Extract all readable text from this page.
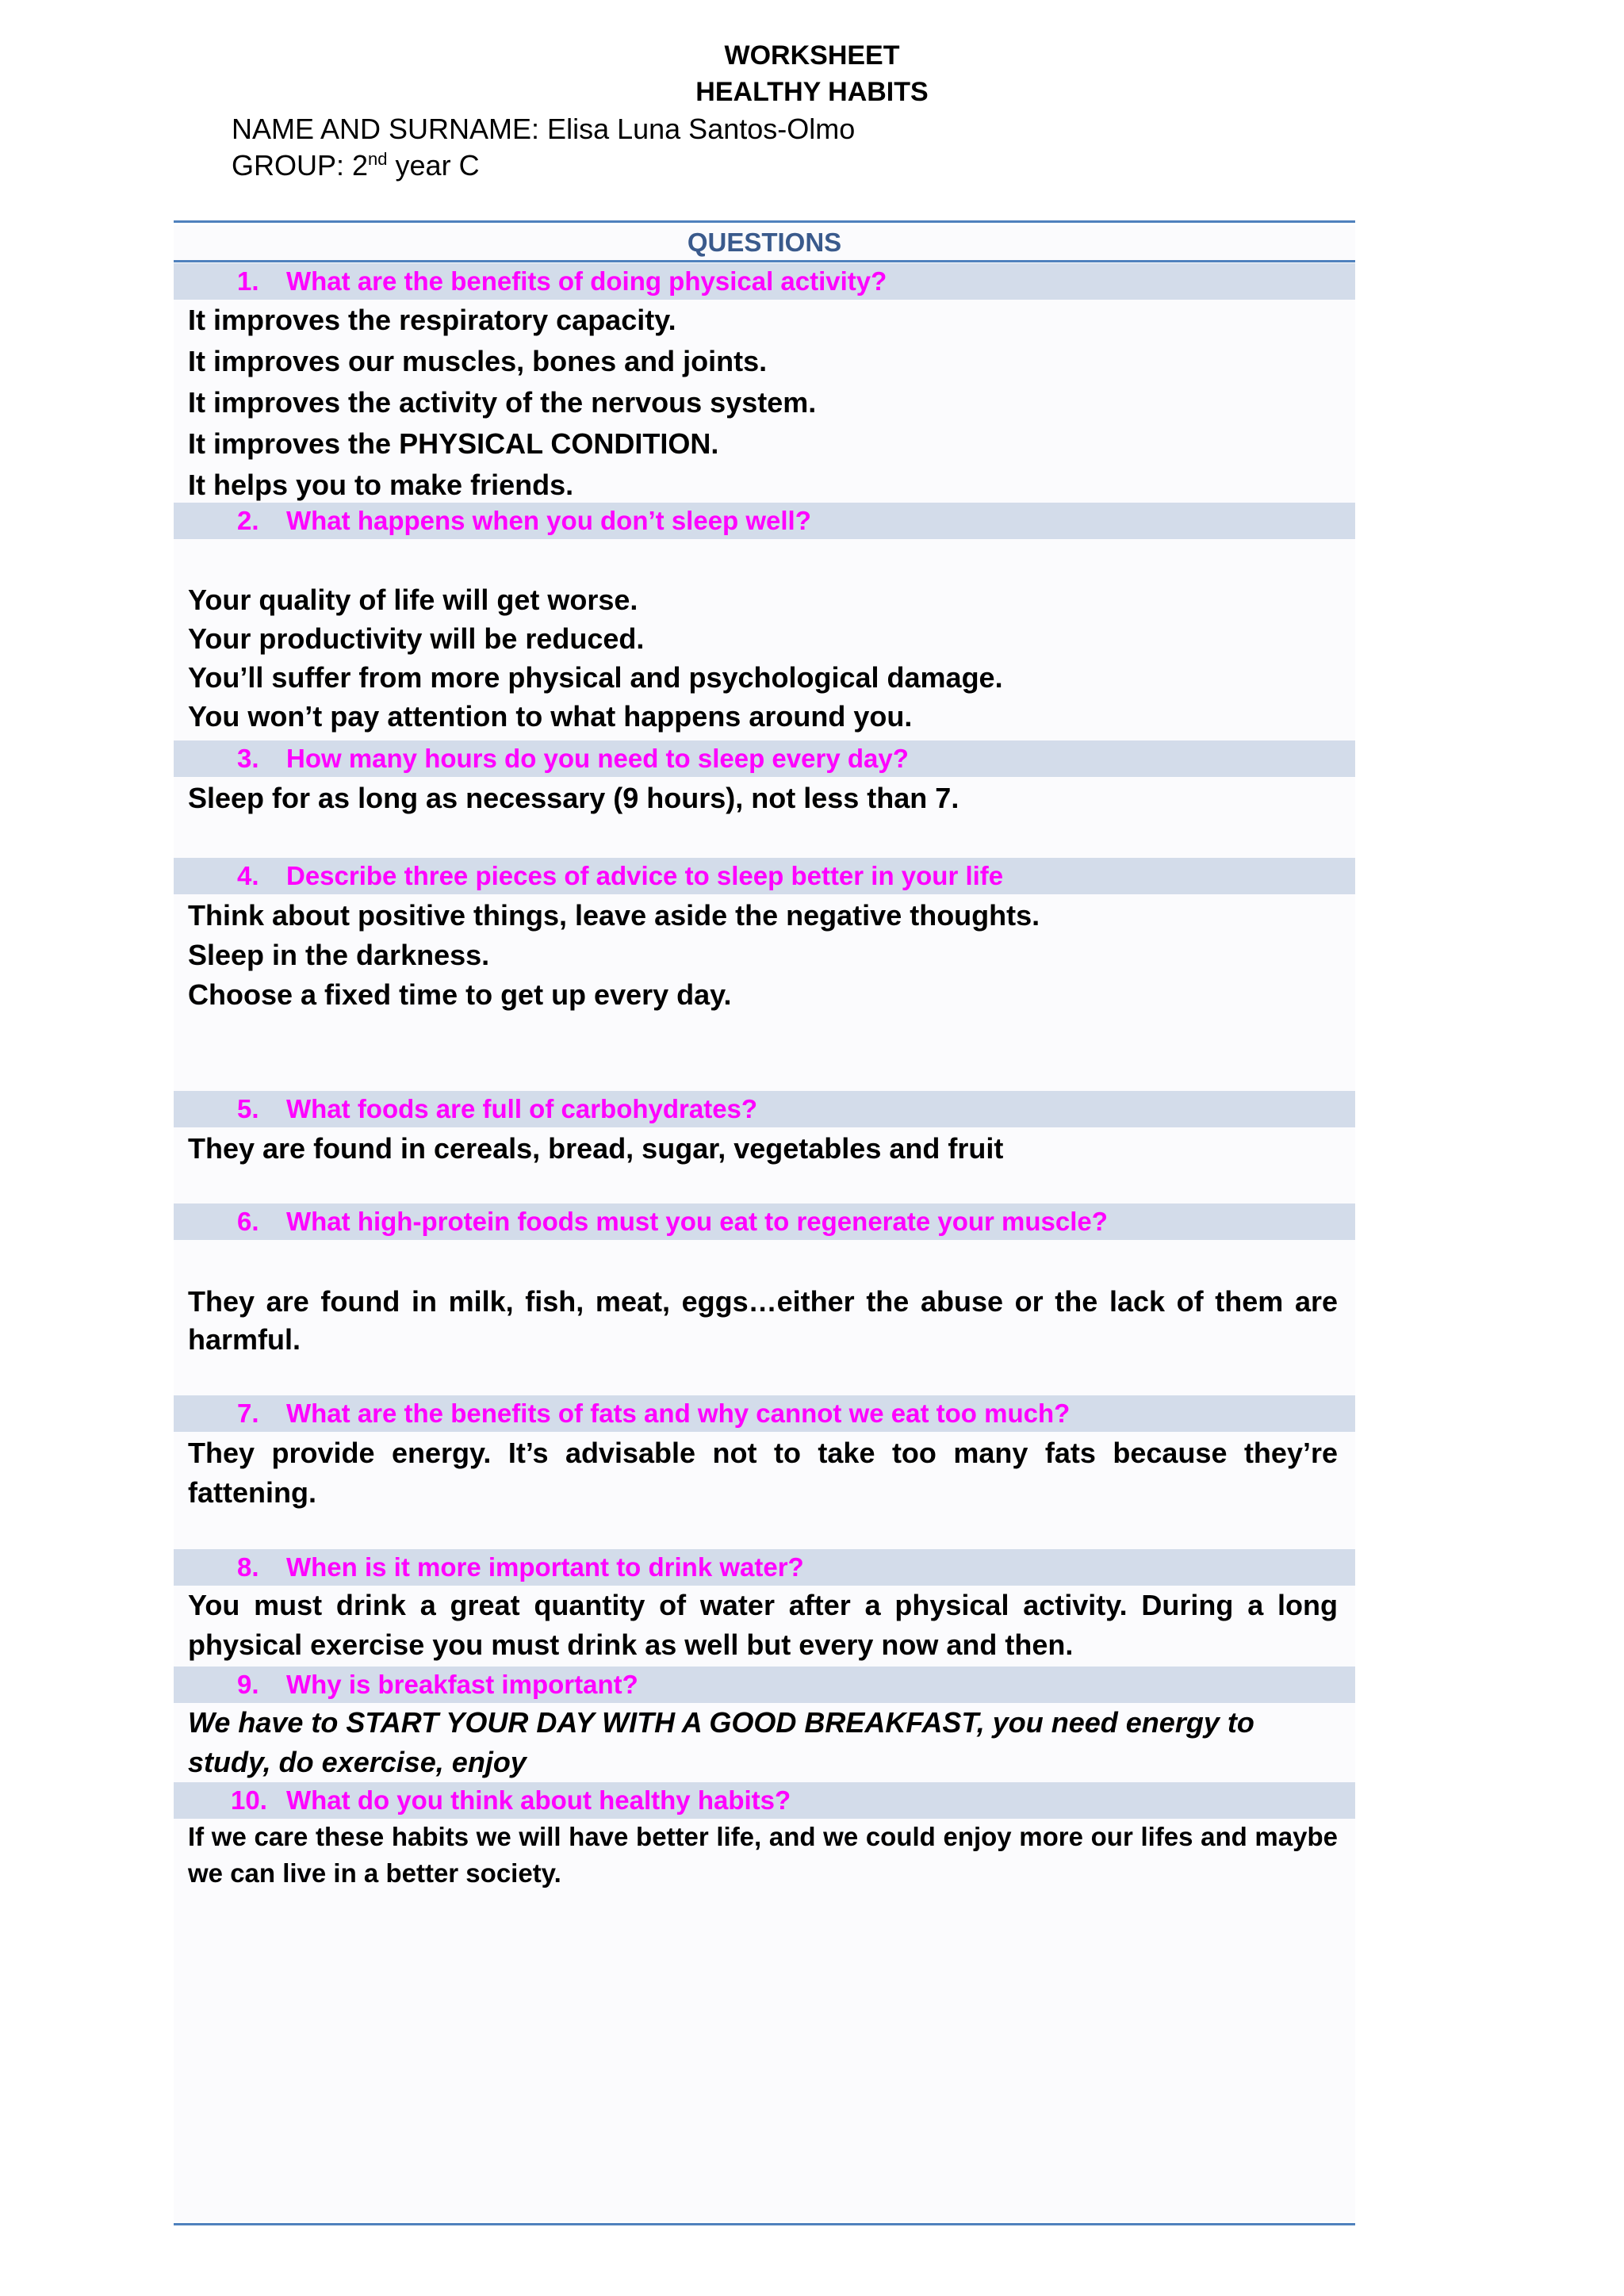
WORKSHEET
HEALTHY HABITS
NAME AND SURNAME: Elisa Luna Santos-Olmo
GROUP: 2nd year C
QUESTIONS
1.	What are the benefits of doing physical activity?
It improves the respiratory capacity.
It improves our muscles, bones and joints.
It improves the activity of the nervous system.
It improves the PHYSICAL CONDITION.
It helps you to make friends.
2.	What happens when you don’t sleep well?
Your quality of life will get worse.
Your productivity will be reduced.
You’ll suffer from more physical and psychological damage.
You won’t pay attention to what happens around you.
3.	How many hours do you need to sleep every day?
Sleep for as long as necessary (9 hours), not less than 7.
4.	Describe three pieces of advice to sleep better in your life
Think about positive things, leave aside the negative thoughts.
Sleep in the darkness.
Choose a fixed time to get up every day.
5.	What foods are full of carbohydrates?
They are found in cereals, bread, sugar, vegetables and fruit
6.	What high-protein foods must you eat to regenerate your muscle?
They are found in milk, fish, meat, eggs…either the abuse or the lack of them are harmful.
7.	What are the benefits of fats and why cannot we eat too much?
They provide energy. It’s advisable not to take too many fats because they’re fattening.
8.	When is it more important to drink water?
You must drink a great quantity of water after a physical activity. During a long physical exercise you must drink as well but every now and then.
9.	Why is breakfast important?
We have to START YOUR DAY WITH A GOOD BREAKFAST, you need energy to study, do exercise, enjoy
10. What do you think about healthy habits?
If we care these habits we will have better life, and we could enjoy more our lifes and maybe we can live in a better society.
